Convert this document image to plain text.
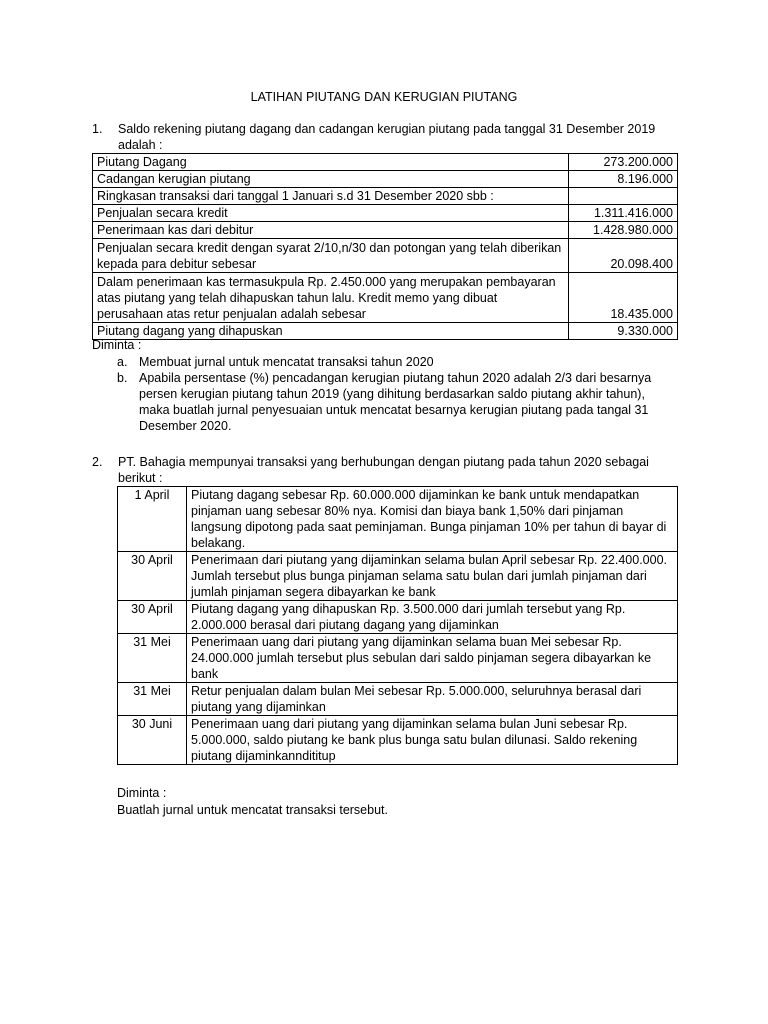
LATIHAN PIUTANG DAN KERUGIAN PIUTANG
1.	Saldo rekening piutang dagang dan cadangan kerugian piutang pada tanggal 31 Desember 2019 adalah :
Piutang Dagang	273.200.000
Cadangan kerugian piutang	8.196.000
Ringkasan transaksi dari tanggal 1 Januari s.d 31 Desember 2020 sbb :	
Penjualan secara kredit	1.311.416.000
Penerimaan kas dari debitur	1.428.980.000
Penjualan secara kredit dengan syarat 2/10,n/30 dan potongan yang telah diberikan kepada para debitur sebesar	20.098.400
Dalam penerimaan kas termasukpula Rp. 2.450.000 yang merupakan pembayaran atas piutang yang telah dihapuskan tahun lalu. Kredit memo yang dibuat perusahaan atas retur penjualan adalah sebesar	18.435.000
Piutang dagang yang dihapuskan	9.330.000
Diminta :
a. Membuat jurnal untuk mencatat transaksi tahun 2020
b. Apabila persentase (%) pencadangan kerugian piutang tahun 2020 adalah 2/3 dari besarnya persen kerugian piutang tahun 2019 (yang dihitung berdasarkan saldo piutang akhir tahun), maka buatlah jurnal penyesuaian untuk mencatat besarnya kerugian piutang pada tangal 31 Desember 2020.
2.	PT. Bahagia mempunyai transaksi yang berhubungan dengan piutang pada tahun 2020 sebagai berikut :
1 April	Piutang dagang sebesar Rp. 60.000.000 dijaminkan ke bank untuk mendapatkan pinjaman uang sebesar 80% nya. Komisi dan biaya bank 1,50% dari pinjaman langsung dipotong pada saat peminjaman. Bunga pinjaman 10% per tahun di bayar di belakang.
30 April	Penerimaan dari piutang yang dijaminkan selama bulan April sebesar Rp. 22.400.000. Jumlah tersebut plus bunga pinjaman selama satu bulan dari jumlah pinjaman dari jumlah pinjaman segera dibayarkan ke bank
30 April	Piutang dagang yang dihapuskan Rp. 3.500.000 dari jumlah tersebut yang Rp. 2.000.000 berasal dari piutang dagang yang dijaminkan
31 Mei	Penerimaan uang dari piutang yang dijaminkan selama buan Mei sebesar Rp. 24.000.000 jumlah tersebut plus sebulan dari saldo pinjaman segera dibayarkan ke bank
31 Mei	Retur penjualan dalam bulan Mei sebesar Rp. 5.000.000, seluruhnya berasal dari piutang yang dijaminkan
30 Juni	Penerimaan uang dari piutang yang dijaminkan selama bulan Juni sebesar Rp. 5.000.000, saldo piutang ke bank plus bunga satu bulan dilunasi. Saldo rekening piutang dijaminkanndititup
Diminta :
Buatlah jurnal untuk mencatat transaksi tersebut.
